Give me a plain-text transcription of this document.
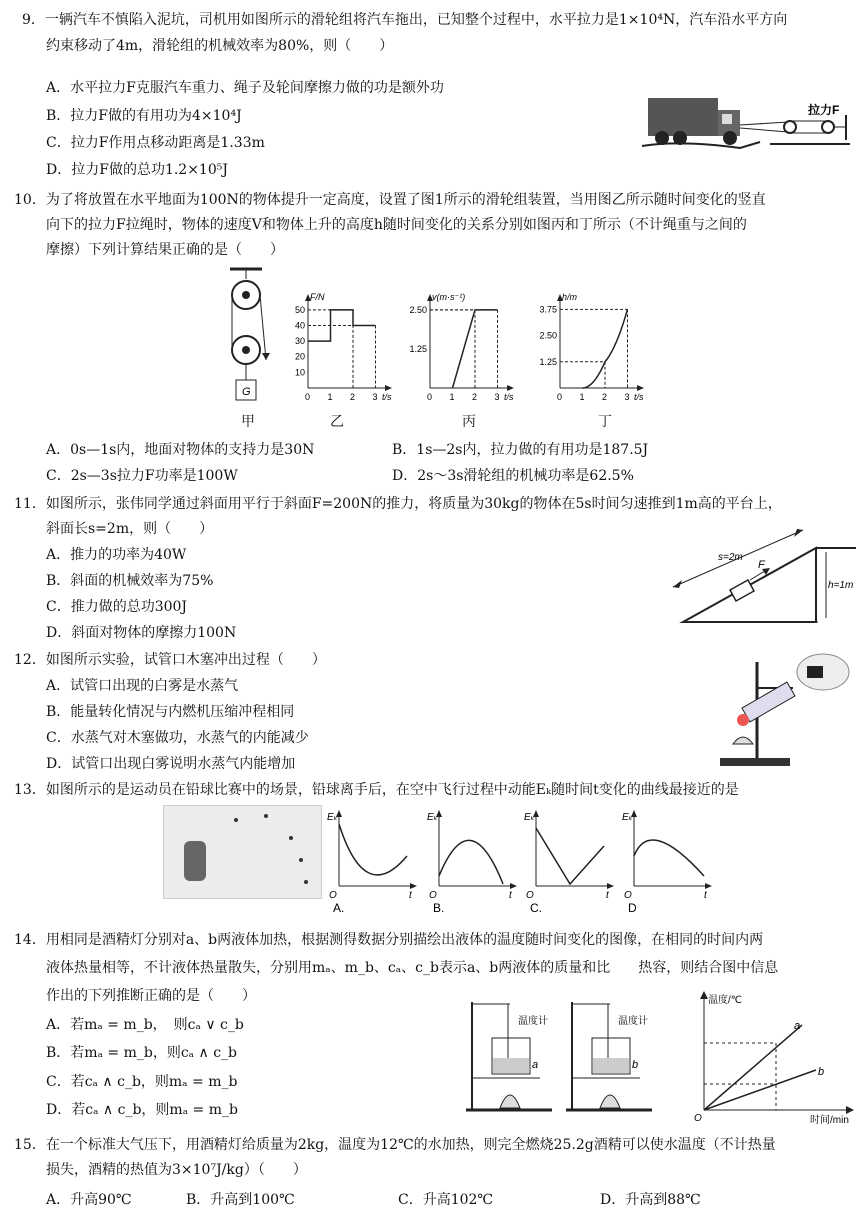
9．一辆汽车不慎陷入泥坑，司机用如图所示的滑轮组将汽车拖出，已知整个过程中，水平拉力是1×10⁴N，汽车沿水平方向
约束移动了4m，滑轮组的机械效率为80%，则（　　）
A．水平拉力F克服汽车重力、绳子及轮间摩擦力做的功是额外功
B．拉力F做的有用功为4×10⁴J
C．拉力F作用点移动距离是1.33m
D．拉力F做的总功1.2×10⁵J
拉力F
10．为了将放置在水平地面为100N的物体提升一定高度，设置了图1所示的滑轮组装置，当用图乙所示随时间变化的竖直
向下的拉力F拉绳时，物体的速度V和物体上升的高度h随时间变化的关系分别如图丙和丁所示（不计绳重与之间的
摩擦）下列计算结果正确的是（　　）
G
F/N
t/s
0 1 2 3
50
40
30
20
10
v(m·s⁻¹)
t/s
0 1 2 3
2.50
1.25
h/m
t/s
0 1 2 3
3.75
2.50
1.25
甲	乙	丙	丁
A．0s—1s内，地面对物体的支持力是30N	B．1s—2s内，拉力做的有用功是187.5J
C．2s—3s拉力F功率是100W	D．2s～3s滑轮组的机械功率是62.5%
11．如图所示，张伟同学通过斜面用平行于斜面F=200N的推力，将质量为30kg的物体在5s时间匀速推到1m高的平台上，
斜面长s=2m，则（　　）
A．推力的功率为40W
B．斜面的机械效率为75%
C．推力做的总功300J
D．斜面对物体的摩擦力100N
s=2m
F
h=1m
12．如图所示实验，试管口木塞冲出过程（　　）
A．试管口出现的白雾是水蒸气
B．能量转化情况与内燃机压缩冲程相同
C．水蒸气对木塞做功，水蒸气的内能减少
D．试管口出现白雾说明水蒸气内能增加
13．如图所示的是运动员在铅球比赛中的场景，铅球离手后，在空中飞行过程中动能Eₖ随时间t变化的曲线最接近的是
Eₖ
O	t
A.
Eₖ
O	t
B.
Eₖ
O	t
C.
Eₖ
O	t
D
14．用相同是酒精灯分别对a、b两液体加热，根据测得数据分别描绘出液体的温度随时间变化的图像，在相同的时间内两
液体热量相等，不计液体热量散失，分别用mₐ、m_b、cₐ、c_b表示a、b两液体的质量和比　　热容，则结合图中信息
作出的下列推断正确的是（　　）
A．若mₐ = m_b，　则cₐ ∨ c_b
B．若mₐ = m_b，则cₐ ∧ c_b
C．若cₐ ∧ c_b，则mₐ = m_b
D．若cₐ ∧ c_b，则mₐ = m_b
温度计
a
温度计
b
温度/℃
时间/min
O
a
b
15．在一个标准大气压下，用酒精灯给质量为2kg，温度为12℃的水加热，则完全燃烧25.2g酒精可以使水温度（不计热量
损失，酒精的热值为3×10⁷J/kg）（　　）
A．升高90℃	B．升高到100℃	C．升高102℃	D．升高到88℃
